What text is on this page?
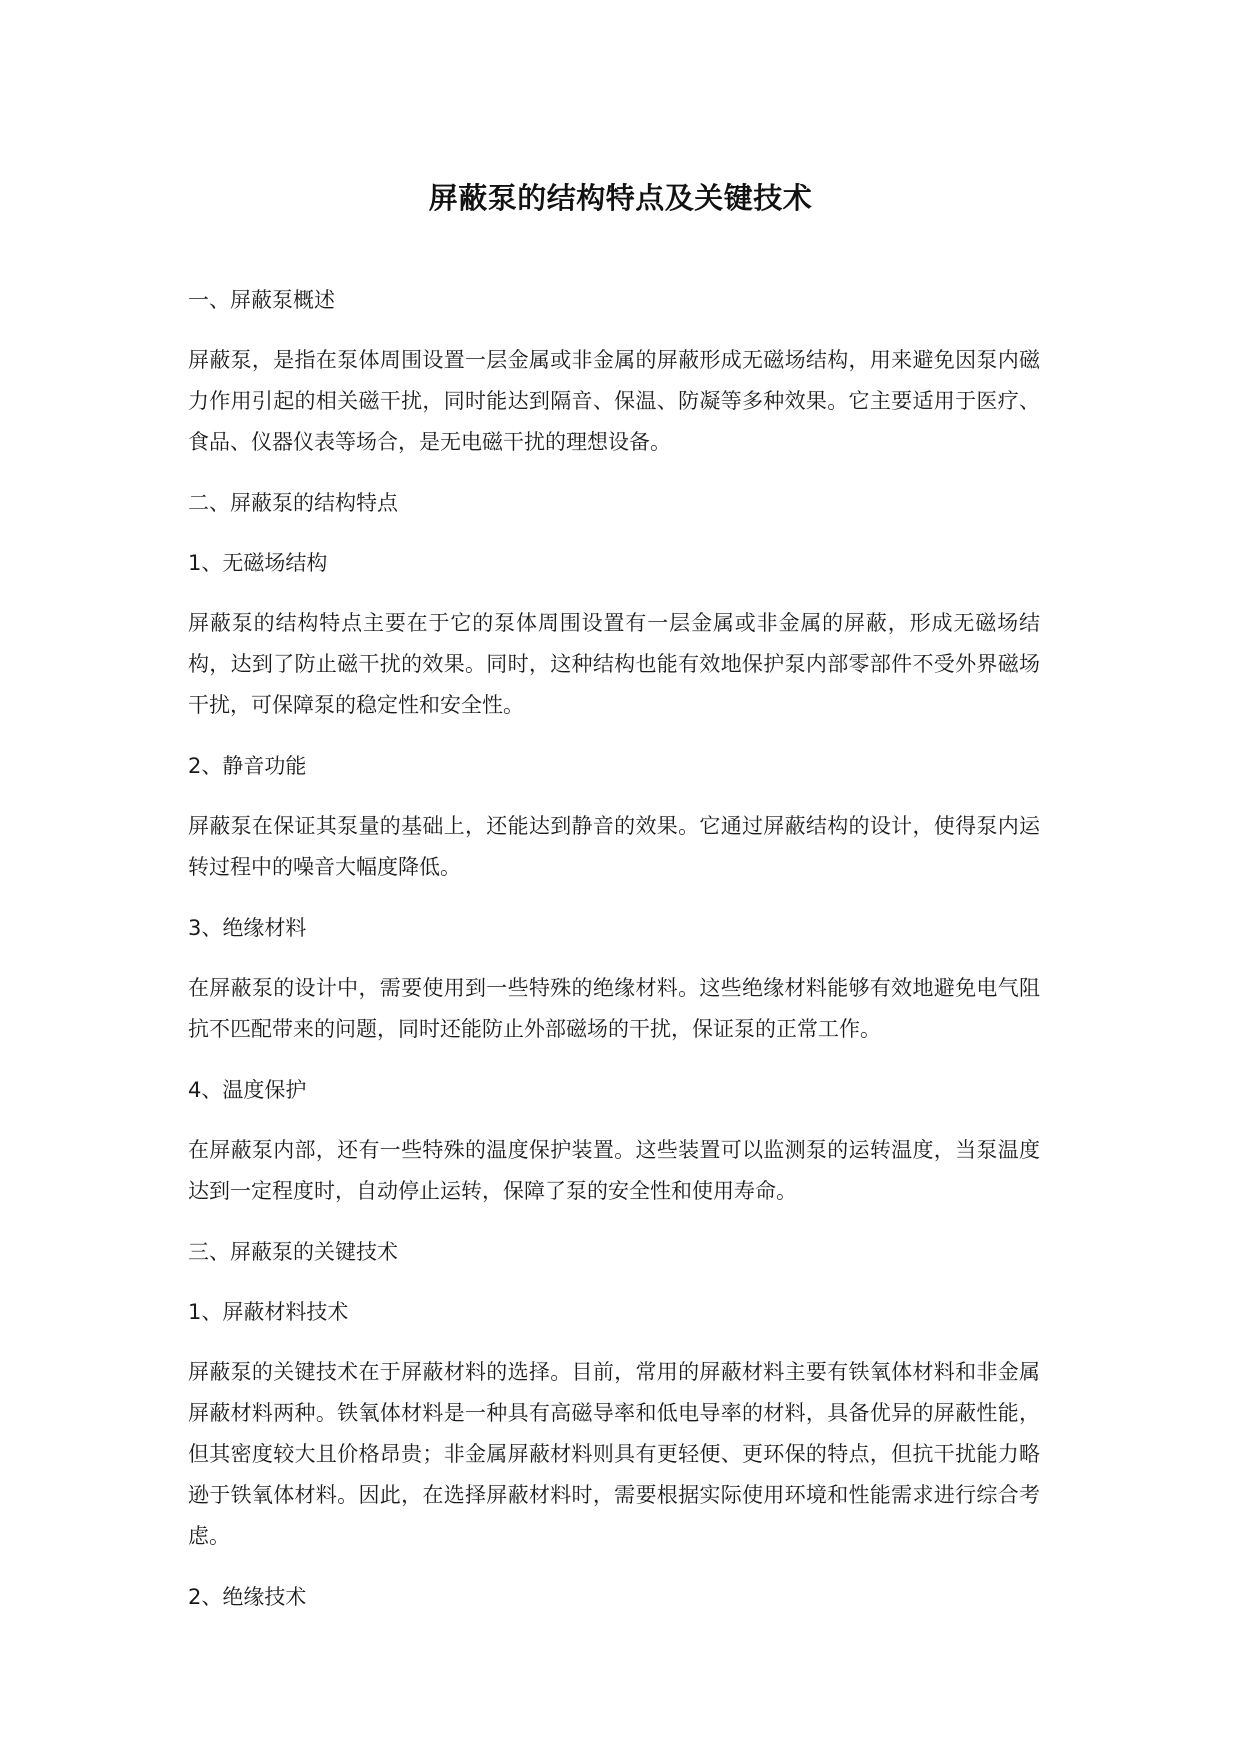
屏蔽泵的结构特点及关键技术
一、屏蔽泵概述
屏蔽泵，是指在泵体周围设置一层金属或非金属的屏蔽形成无磁场结构，用来避免因泵内磁力作用引起的相关磁干扰，同时能达到隔音、保温、防凝等多种效果。它主要适用于医疗、食品、仪器仪表等场合，是无电磁干扰的理想设备。
二、屏蔽泵的结构特点
1、无磁场结构
屏蔽泵的结构特点主要在于它的泵体周围设置有一层金属或非金属的屏蔽，形成无磁场结构，达到了防止磁干扰的效果。同时，这种结构也能有效地保护泵内部零部件不受外界磁场干扰，可保障泵的稳定性和安全性。
2、静音功能
屏蔽泵在保证其泵量的基础上，还能达到静音的效果。它通过屏蔽结构的设计，使得泵内运转过程中的噪音大幅度降低。
3、绝缘材料
在屏蔽泵的设计中，需要使用到一些特殊的绝缘材料。这些绝缘材料能够有效地避免电气阻抗不匹配带来的问题，同时还能防止外部磁场的干扰，保证泵的正常工作。
4、温度保护
在屏蔽泵内部，还有一些特殊的温度保护装置。这些装置可以监测泵的运转温度，当泵温度达到一定程度时，自动停止运转，保障了泵的安全性和使用寿命。
三、屏蔽泵的关键技术
1、屏蔽材料技术
屏蔽泵的关键技术在于屏蔽材料的选择。目前，常用的屏蔽材料主要有铁氧体材料和非金属屏蔽材料两种。铁氧体材料是一种具有高磁导率和低电导率的材料，具备优异的屏蔽性能，但其密度较大且价格昂贵；非金属屏蔽材料则具有更轻便、更环保的特点，但抗干扰能力略逊于铁氧体材料。因此，在选择屏蔽材料时，需要根据实际使用环境和性能需求进行综合考虑。
2、绝缘技术
